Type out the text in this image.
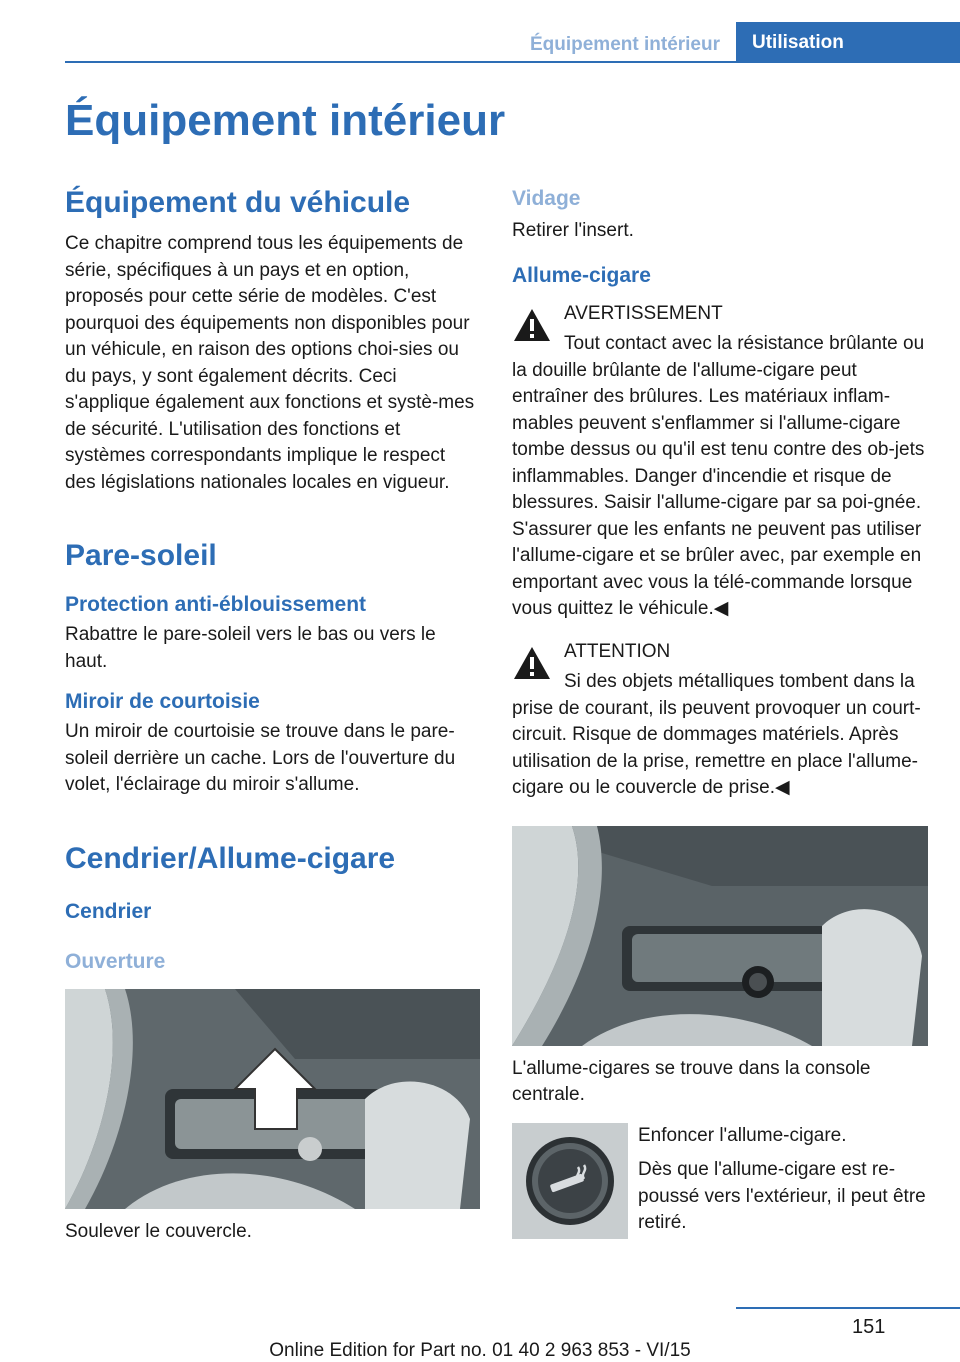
Équipement intérieur	Utilisation
Équipement intérieur
Équipement du véhicule

Ce chapitre comprend tous les équipements de série, spécifiques à un pays et en option, proposés pour cette série de modèles. C'est pourquoi des équipements non disponibles pour un véhicule, en raison des options choi-sies ou du pays, y sont également décrits. Ceci s'applique également aux fonctions et systè-mes de sécurité. L'utilisation des fonctions et systèmes correspondants implique le respect des législations nationales locales en vigueur.

Pare-soleil
Protection anti-éblouissement

Rabattre le pare-soleil vers le bas ou vers le haut.

Miroir de courtoisie

Un miroir de courtoisie se trouve dans le pare-soleil derrière un cache. Lors de l'ouverture du volet, l'éclairage du miroir s'allume.

Cendrier/Allume-cigare
Cendrier
Ouverture

Soulever le couvercle.

Vidage

Retirer l'insert.

Allume-cigare
AVERTISSEMENT

Tout contact avec la résistance brûlante ou la douille brûlante de l'allume-cigare peut entraîner des brûlures. Les matériaux inflam-mables peuvent s'enflammer si l'allume-cigare tombe dessus ou qu'il est tenu contre des ob-jets inflammables. Danger d'incendie et risque de blessures. Saisir l'allume-cigare par sa poi-gnée. S'assurer que les enfants ne peuvent pas utiliser l'allume-cigare et se brûler avec, par exemple en emportant avec vous la télé-commande lorsque vous quittez le véhicule.◀

ATTENTION

Si des objets métalliques tombent dans la prise de courant, ils peuvent provoquer un court-circuit. Risque de dommages matériels. Après utilisation de la prise, remettre en place l'allume-cigare ou le couvercle de prise.◀

L'allume-cigares se trouve dans la console centrale.

Enfoncer l'allume-cigare.

Dès que l'allume-cigare est re-poussé vers l'extérieur, il peut être retiré.

151
Online Edition for Part no. 01 40 2 963 853 - VI/15
